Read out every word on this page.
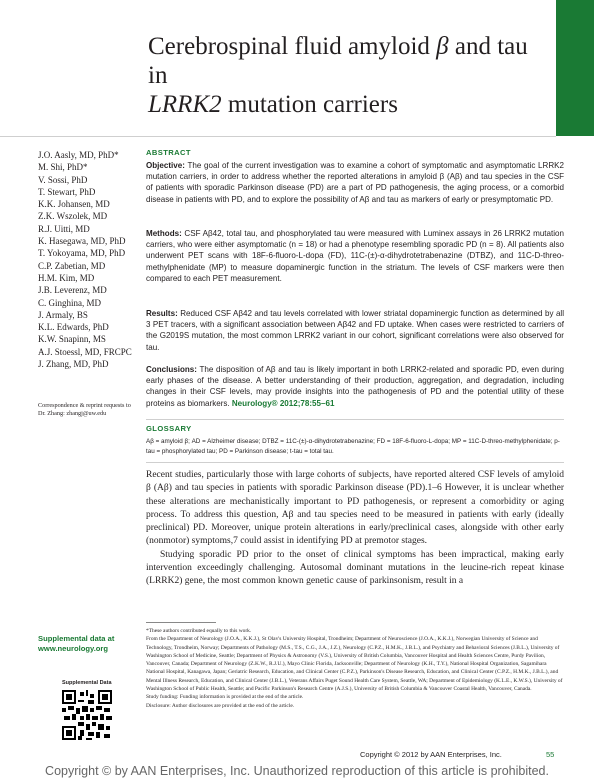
Cerebrospinal fluid amyloid β and tau in
LRRK2 mutation carriers
J.O. Aasly, MD, PhD*
M. Shi, PhD*
V. Sossi, PhD
T. Stewart, PhD
K.K. Johansen, MD
Z.K. Wszolek, MD
R.J. Uitti, MD
K. Hasegawa, MD, PhD
T. Yokoyama, MD, PhD
C.P. Zabetian, MD
H.M. Kim, MD
J.B. Leverenz, MD
C. Ginghina, MD
J. Armaly, BS
K.L. Edwards, PhD
K.W. Snapinn, MS
A.J. Stoessl, MD, FRCPC
J. Zhang, MD, PhD
Correspondence & reprint requests to Dr. Zhang: zhangj@uw.edu
ABSTRACT

Objective: The goal of the current investigation was to examine a cohort of symptomatic and asymptomatic LRRK2 mutation carriers, in order to address whether the reported alterations in amyloid β (Aβ) and tau species in the CSF of patients with sporadic Parkinson disease (PD) are a part of PD pathogenesis, the aging process, or a comorbid disease in patients with PD, and to explore the possibility of Aβ and tau as markers of early or presymptomatic PD.

Methods: CSF Aβ42, total tau, and phosphorylated tau were measured with Luminex assays in 26 LRRK2 mutation carriers, who were either asymptomatic (n = 18) or had a phenotype resembling sporadic PD (n = 8). All patients also underwent PET scans with 18F-6-fluoro-L-dopa (FD), 11C-(±)-α-dihydrotetrabenazine (DTBZ), and 11C-D-threo-methylphenidate (MP) to measure dopaminergic function in the striatum. The levels of CSF markers were then compared to each PET measurement.

Results: Reduced CSF Aβ42 and tau levels correlated with lower striatal dopaminergic function as determined by all 3 PET tracers, with a significant association between Aβ42 and FD uptake. When cases were restricted to carriers of the G2019S mutation, the most common LRRK2 variant in our cohort, significant correlations were also observed for tau.

Conclusions: The disposition of Aβ and tau is likely important in both LRRK2-related and sporadic PD, even during early phases of the disease. A better understanding of their production, aggregation, and degradation, including changes in their CSF levels, may provide insights into the pathogenesis of PD and the potential utility of these proteins as biomarkers. Neurology® 2012;78:55–61

GLOSSARY
Aβ = amyloid β; AD = Alzheimer disease; DTBZ = 11C-(±)-α-dihydrotetrabenazine; FD = 18F-6-fluoro-L-dopa; MP = 11C-D-threo-methylphenidate; p-tau = phosphorylated tau; PD = Parkinson disease; t-tau = total tau.

Recent studies, particularly those with large cohorts of subjects, have reported altered CSF levels of amyloid β (Aβ) and tau species in patients with sporadic Parkinson disease (PD).1–6 However, it is unclear whether these alterations are mechanistically important to PD pathogenesis, or represent a comorbidity or aging process. To address this question, Aβ and tau species need to be measured in patients with early (ideally preclinical) PD. Moreover, unique protein alterations in early/preclinical cases, alongside with other early (nonmotor) symptoms,7 could assist in identifying PD at premotor stages.

Studying sporadic PD prior to the onset of clinical symptoms has been impractical, making early intervention exceedingly challenging. Autosomal dominant mutations in the leucine-rich repeat kinase (LRRK2) gene, the most common known genetic cause of parkinsonism, result in a

*These authors contributed equally to this work.

From the Department of Neurology (J.O.A., K.K.J.), St Olav's University Hospital, Trondheim; Department of Neuroscience (J.O.A., K.K.J.), Norwegian University of Science and Technology, Trondheim, Norway; Departments of Pathology (M.S., T.S., C.G., J.A., J.Z.), Neurology (C.P.Z., H.M.K., J.B.L.), and Psychiatry and Behavioral Sciences (J.B.L.), University of Washington School of Medicine, Seattle; Department of Physics & Astronomy (V.S.), University of British Columbia, Vancouver Hospital and Health Sciences Centre, Purdy Pavilion, Vancouver, Canada; Department of Neurology (Z.K.W., R.J.U.), Mayo Clinic Florida, Jacksonville; Department of Neurology (K.H., T.Y.), National Hospital Organization, Sagamihara National Hospital, Kanagawa, Japan; Geriatric Research, Education, and Clinical Center (C.P.Z.), Parkinson's Disease Research, Education, and Clinical Center (C.P.Z., H.M.K., J.B.L.), and Mental Illness Research, Education, and Clinical Center (J.B.L.), Veterans Affairs Puget Sound Health Care System, Seattle, WA; Department of Epidemiology (K.L.E., K.W.S.), University of Washington School of Public Health, Seattle; and Pacific Parkinson's Research Centre (A.J.S.), University of British Columbia & Vancouver Coastal Health, Vancouver, Canada.

Study funding: Funding information is provided at the end of the article.

Disclosure: Author disclosures are provided at the end of the article.

Supplemental data at www.neurology.org
Supplemental Data
Copyright © 2012 by AAN Enterprises, Inc.	55
Copyright © by AAN Enterprises, Inc. Unauthorized reproduction of this article is prohibited.
